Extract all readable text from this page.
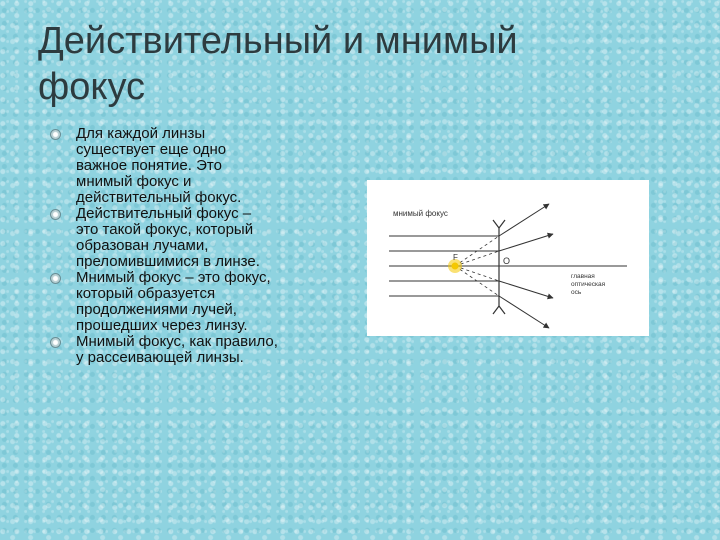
Действительный и мнимый
фокус
Для каждой линзы
существует еще одно
важное понятие. Это
мнимый фокус и
действительный фокус.
Действительный фокус –
это такой фокус, который
образован лучами,
преломившимися в линзе.
Мнимый фокус – это фокус,
который образуется
продолжениями лучей,
прошедших через линзу.
Мнимый фокус, как правило,
у рассеивающей линзы.
мнимый фокус
F	O
главная
оптическая
ось
